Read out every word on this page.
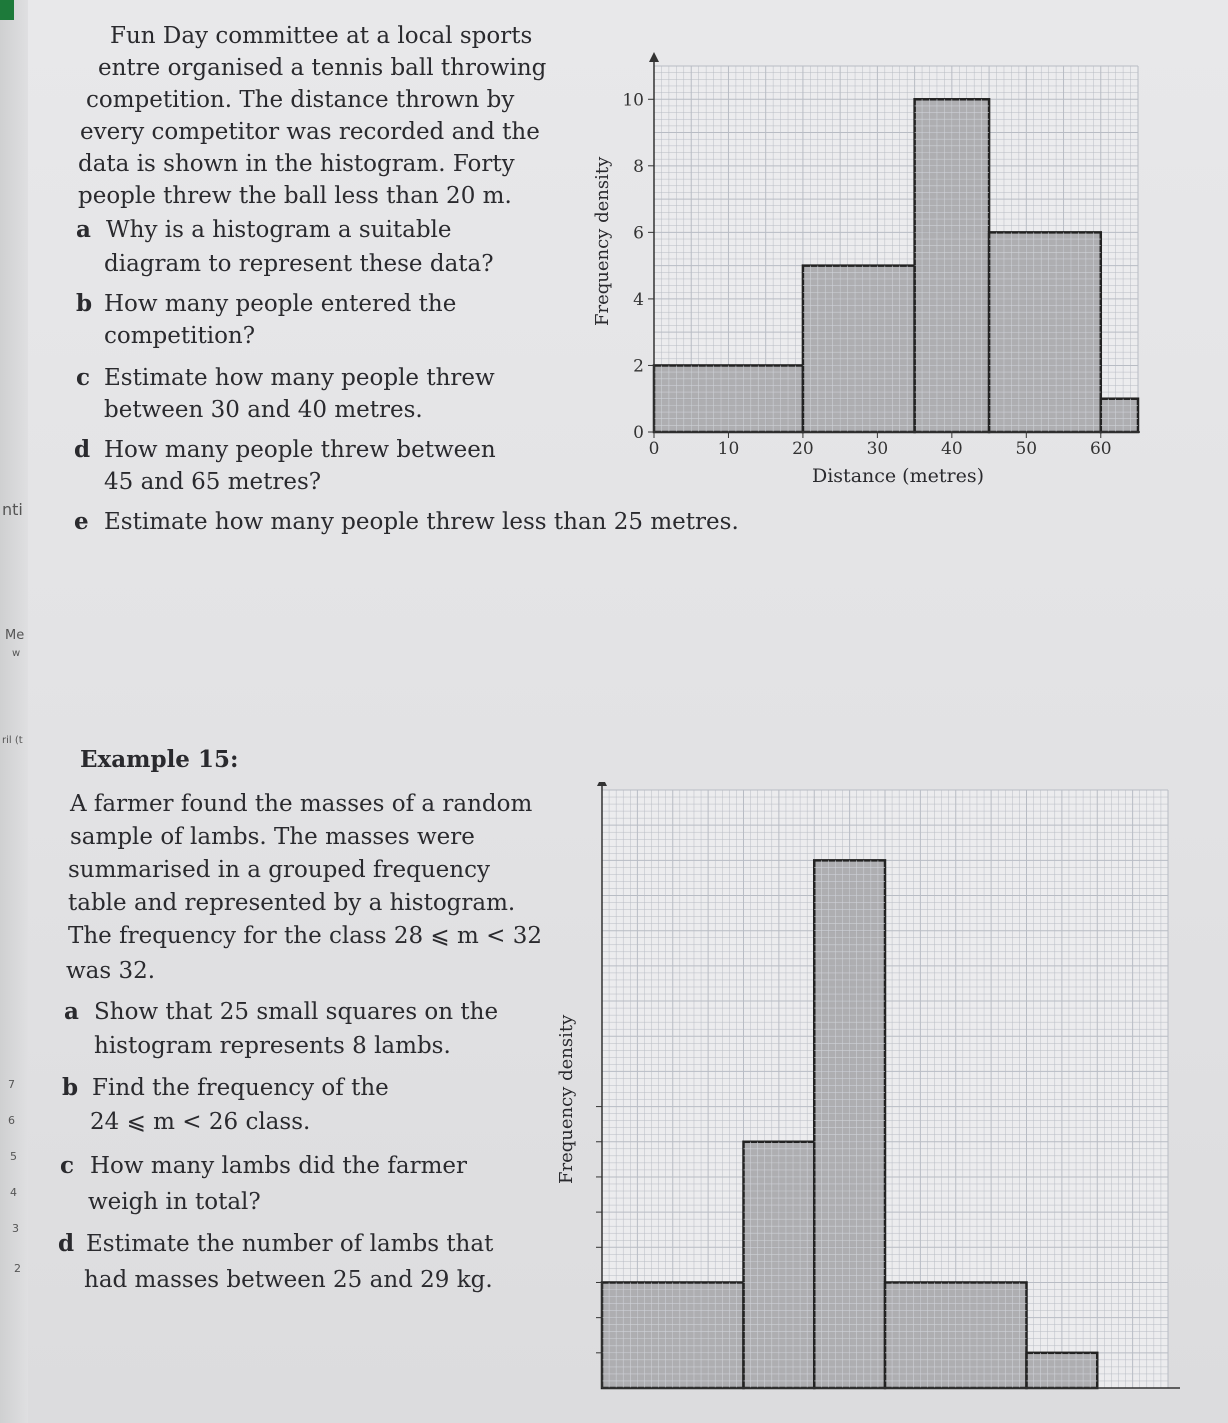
nti
Me
w
ril (t
7
6
5
4
3
2
Fun Day committee at a local sports
entre organised a tennis ball throwing
competition. The distance thrown by
every competitor was recorded and the
data is shown in the histogram. Forty
people threw the ball less than 20 m.
a Why is a histogram a suitable
diagram to represent these data?
b How many people entered the
competition?
c Estimate how many people threw
between 30 and 40 metres.
d How many people threw between
45 and 65 metres?
e Estimate how many people threw less than 25 metres.
0	10	20	30	40	50	60
0
2
4
6
8
10
Frequency density
Distance (metres)
Example 15:
A farmer found the masses of a random
sample of lambs. The masses were
summarised in a grouped frequency
table and represented by a histogram.
The frequency for the class 28 ⩽ m < 32
was 32.
a Show that 25 small squares on the
histogram represents 8 lambs.
b Find the frequency of the
24 ⩽ m < 26 class.
c How many lambs did the farmer
weigh in total?
d Estimate the number of lambs that
had masses between 25 and 29 kg.
Frequency density
